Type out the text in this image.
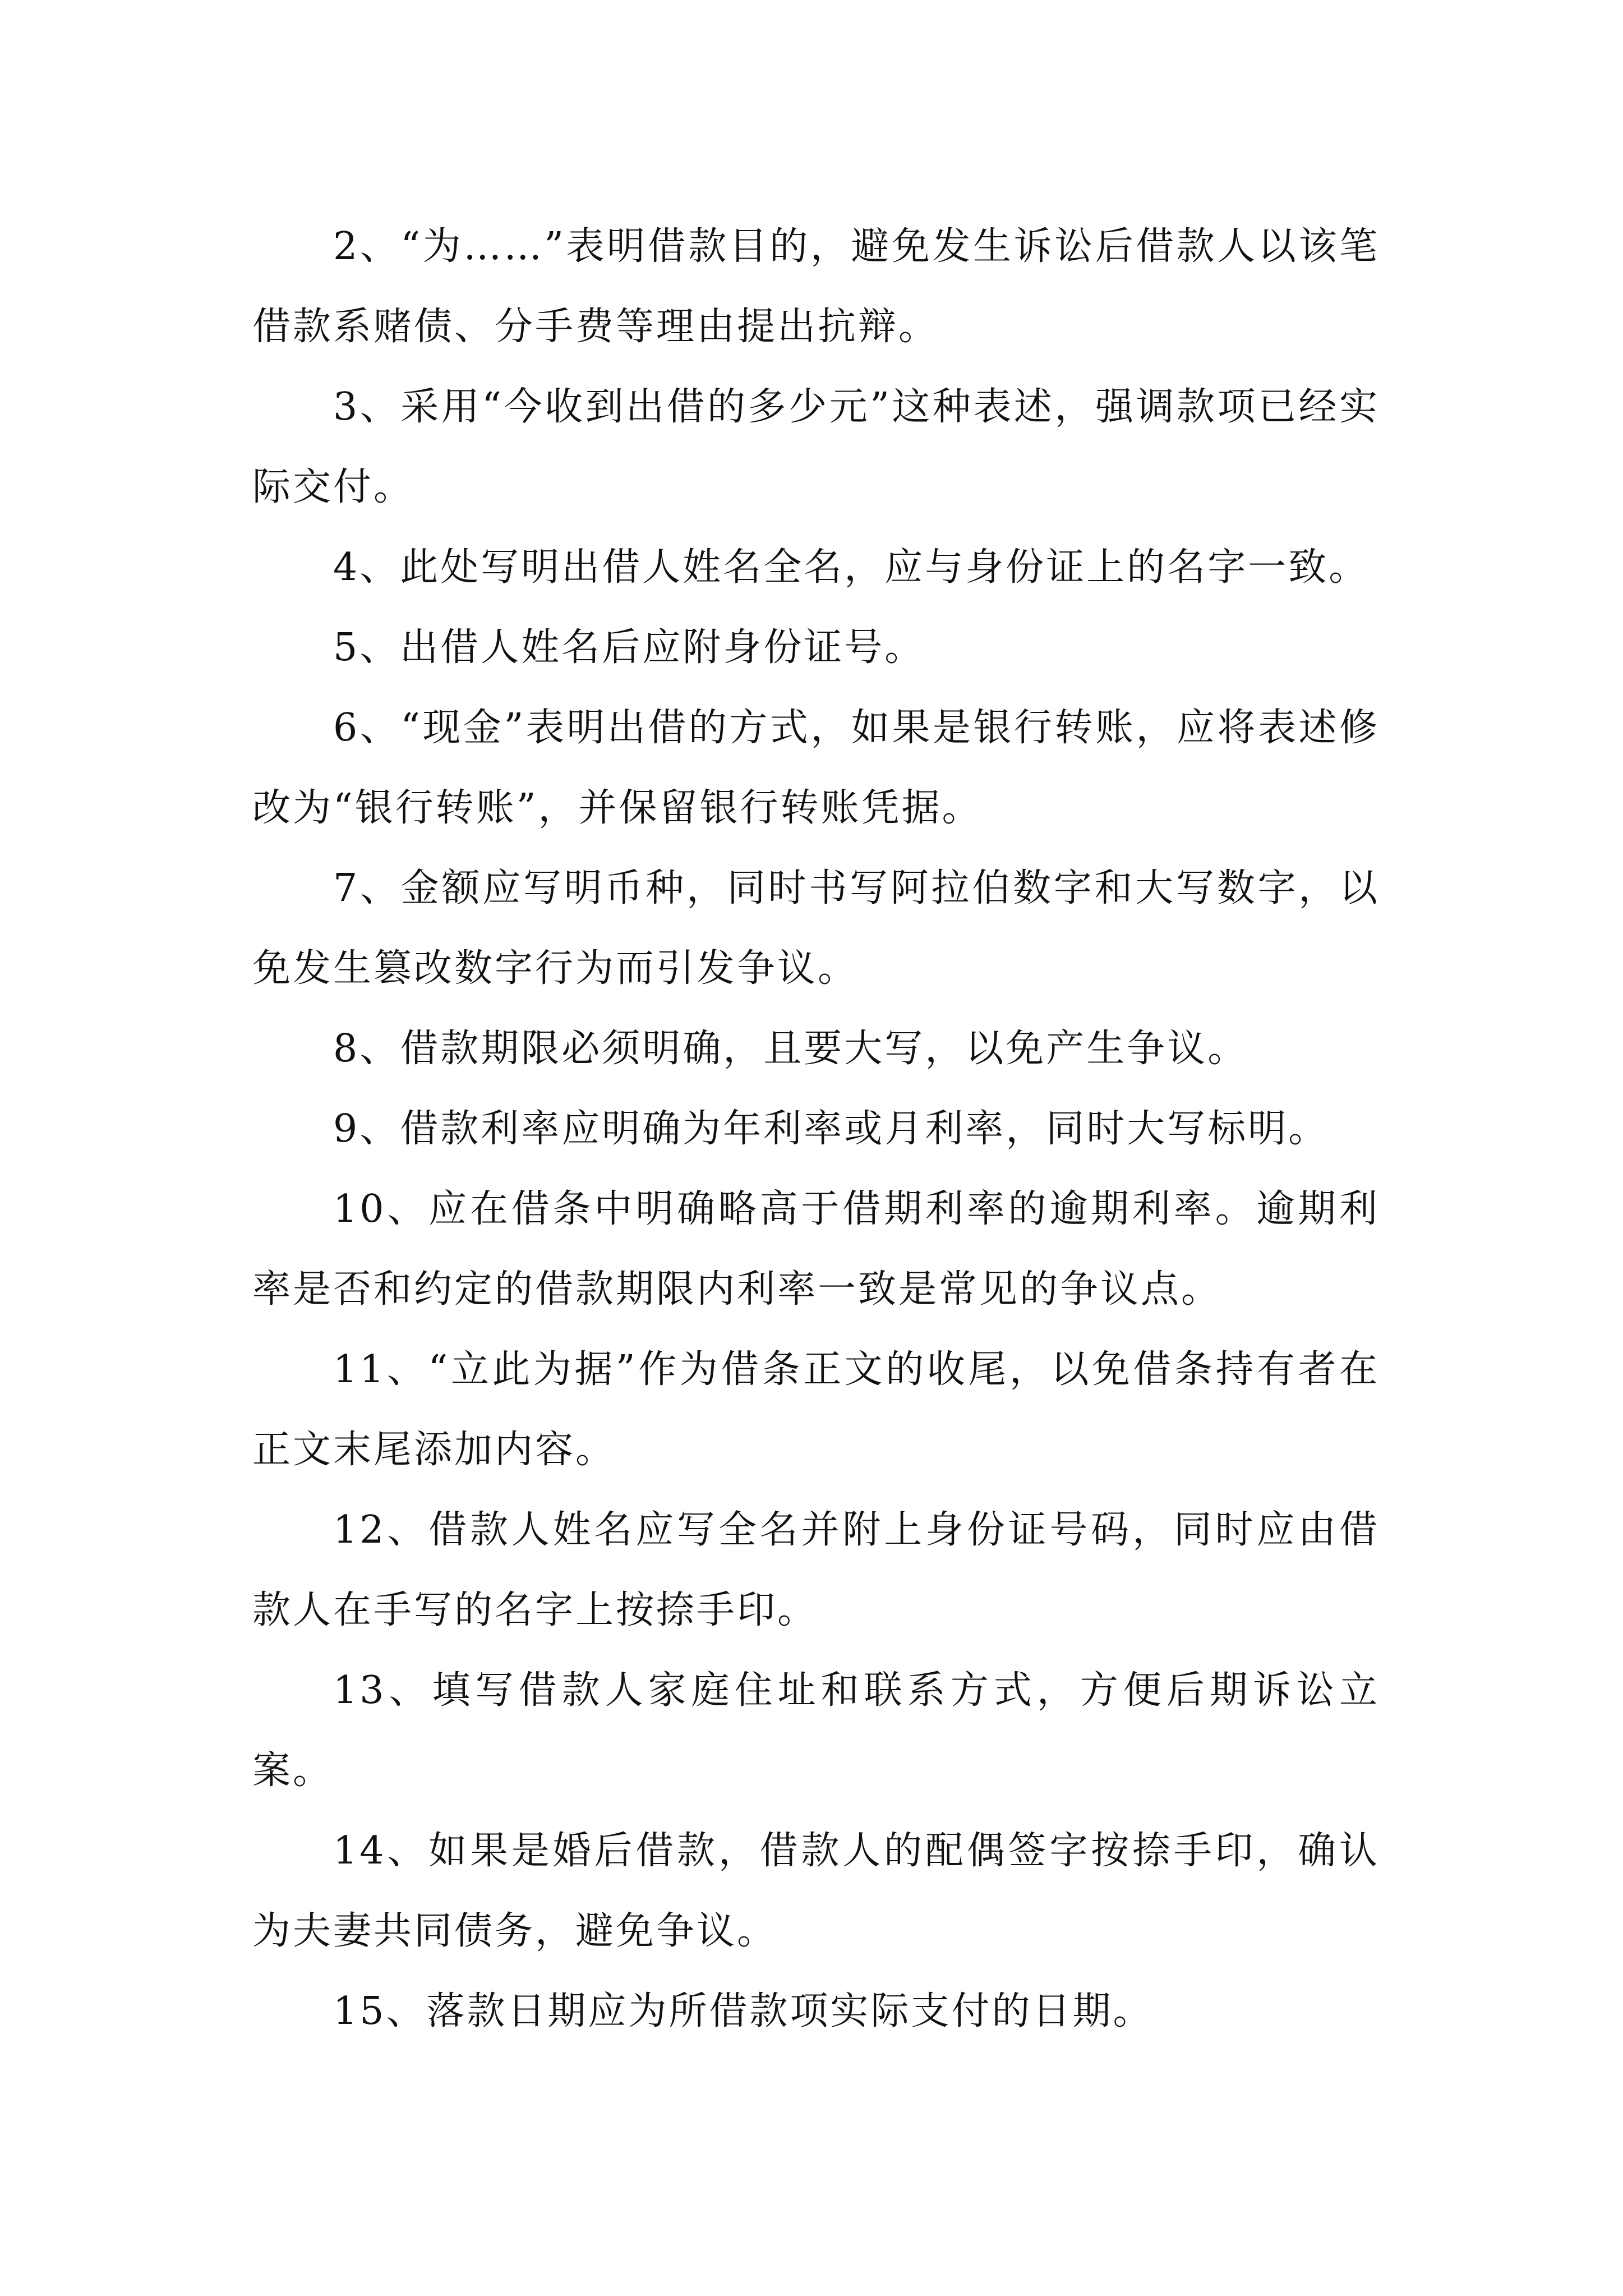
2、“为……”表明借款目的，避免发生诉讼后借款人以该笔借款系赌债、分手费等理由提出抗辩。

3、采用“今收到出借的多少元”这种表述，强调款项已经实际交付。

4、此处写明出借人姓名全名，应与身份证上的名字一致。

5、出借人姓名后应附身份证号。

6、“现金”表明出借的方式，如果是银行转账，应将表述修改为“银行转账”，并保留银行转账凭据。

7、金额应写明币种，同时书写阿拉伯数字和大写数字，以免发生篡改数字行为而引发争议。

8、借款期限必须明确，且要大写，以免产生争议。

9、借款利率应明确为年利率或月利率，同时大写标明。

10、应在借条中明确略高于借期利率的逾期利率。逾期利率是否和约定的借款期限内利率一致是常见的争议点。

11、“立此为据”作为借条正文的收尾，以免借条持有者在正文末尾添加内容。

12、借款人姓名应写全名并附上身份证号码，同时应由借款人在手写的名字上按捺手印。

13、填写借款人家庭住址和联系方式，方便后期诉讼立案。

14、如果是婚后借款，借款人的配偶签字按捺手印，确认为夫妻共同债务，避免争议。

15、落款日期应为所借款项实际支付的日期。
